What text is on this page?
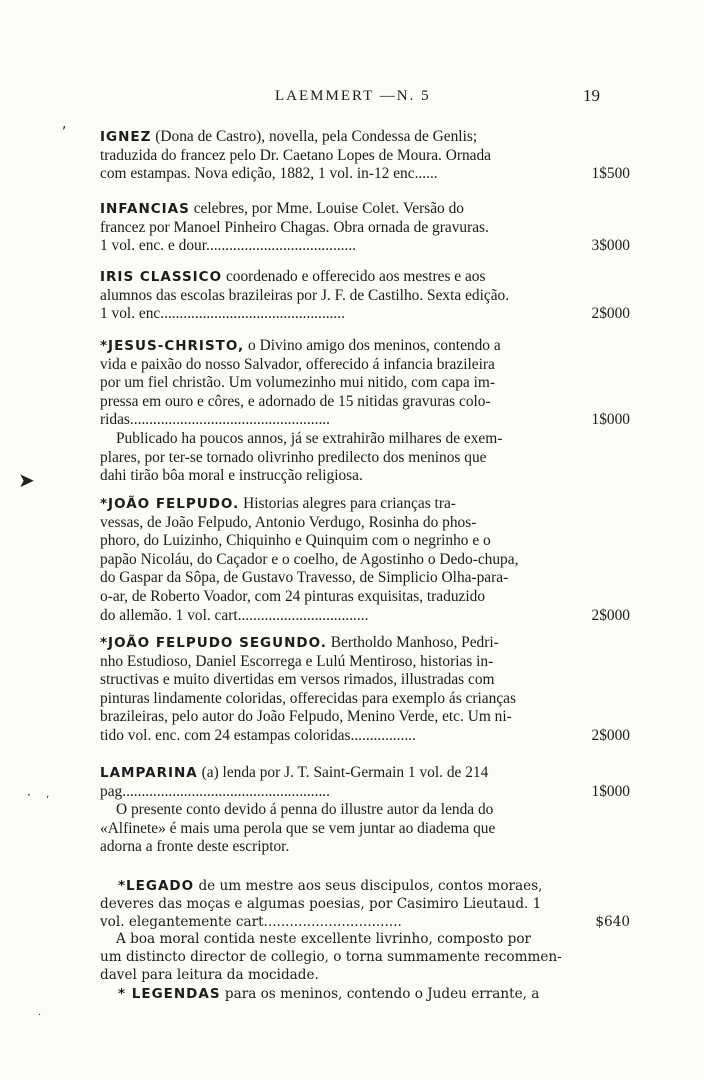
LAEMMERT —N. 5	19
IGNEZ (Dona de Castro), novella, pela Condessa de Genlis;
traduzida do francez pelo Dr. Caetano Lopes de Moura. Ornada
1$500
com estampas. Nova edição, 1882, 1 vol. in-12 enc......
INFANCIAS celebres, por Mme. Louise Colet. Versão do
francez por Manoel Pinheiro Chagas. Obra ornada de gravuras.
3$000
1 vol. enc. e dour.......................................
IRIS CLASSICO coordenado e offerecido aos mestres e aos
alumnos das escolas brazileiras por J. F. de Castilho. Sexta edição.
2$000
1 vol. enc................................................
*JESUS-CHRISTO, o Divino amigo dos meninos, contendo a
vida e paixão do nosso Salvador, offerecido á infancia brazileira
por um fiel christão. Um volumezinho mui nitido, com capa im-
pressa em ouro e côres, e adornado de 15 nitidas gravuras colo-
1$000
ridas....................................................
Publicado ha poucos annos, já se extrahirão milhares de exem-
plares, por ter-se tornado olivrinho predilecto dos meninos que
dahi tirão bôa moral e instrucção religiosa.
*JOÃO FELPUDO. Historias alegres para crianças tra-
vessas, de João Felpudo, Antonio Verdugo, Rosinha do phos-
phoro, do Luizinho, Chiquinho e Quinquim com o negrinho e o
papão Nicoláu, do Caçador e o coelho, de Agostinho o Dedo-chupa,
do Gaspar da Sôpa, de Gustavo Travesso, de Simplicio Olha-para-
o-ar, de Roberto Voador, com 24 pinturas exquisitas, traduzido
2$000
do allemão. 1 vol. cart..................................
*JOÃO FELPUDO SEGUNDO. Bertholdo Manhoso, Pedri-
nho Estudioso, Daniel Escorrega e Lulú Mentiroso, historias in-
structivas e muito divertidas em versos rimados, illustradas com
pinturas lindamente coloridas, offerecidas para exemplo ás crianças
brazileiras, pelo autor do João Felpudo, Menino Verde, etc. Um ni-
2$000
tido vol. enc. com 24 estampas coloridas.................
LAMPARINA (a) lenda por J. T. Saint-Germain 1 vol. de 214
1$000
pag......................................................
O presente conto devido á penna do illustre autor da lenda do
«Alfinete» é mais uma perola que se vem juntar ao diadema que
adorna a fronte deste escriptor.
*LEGADO de um mestre aos seus discipulos, contos moraes,
deveres das moças e algumas poesias, por Casimiro Lieutaud. 1
$640
vol. elegantemente cart................................
A boa moral contida neste excellente livrinho, composto por
um distincto director de collegio, o torna summamente recommen-
davel para leitura da mocidade.
* LEGENDAS para os meninos, contendo o Judeu errante, a
,
➤
· ʼ
·
